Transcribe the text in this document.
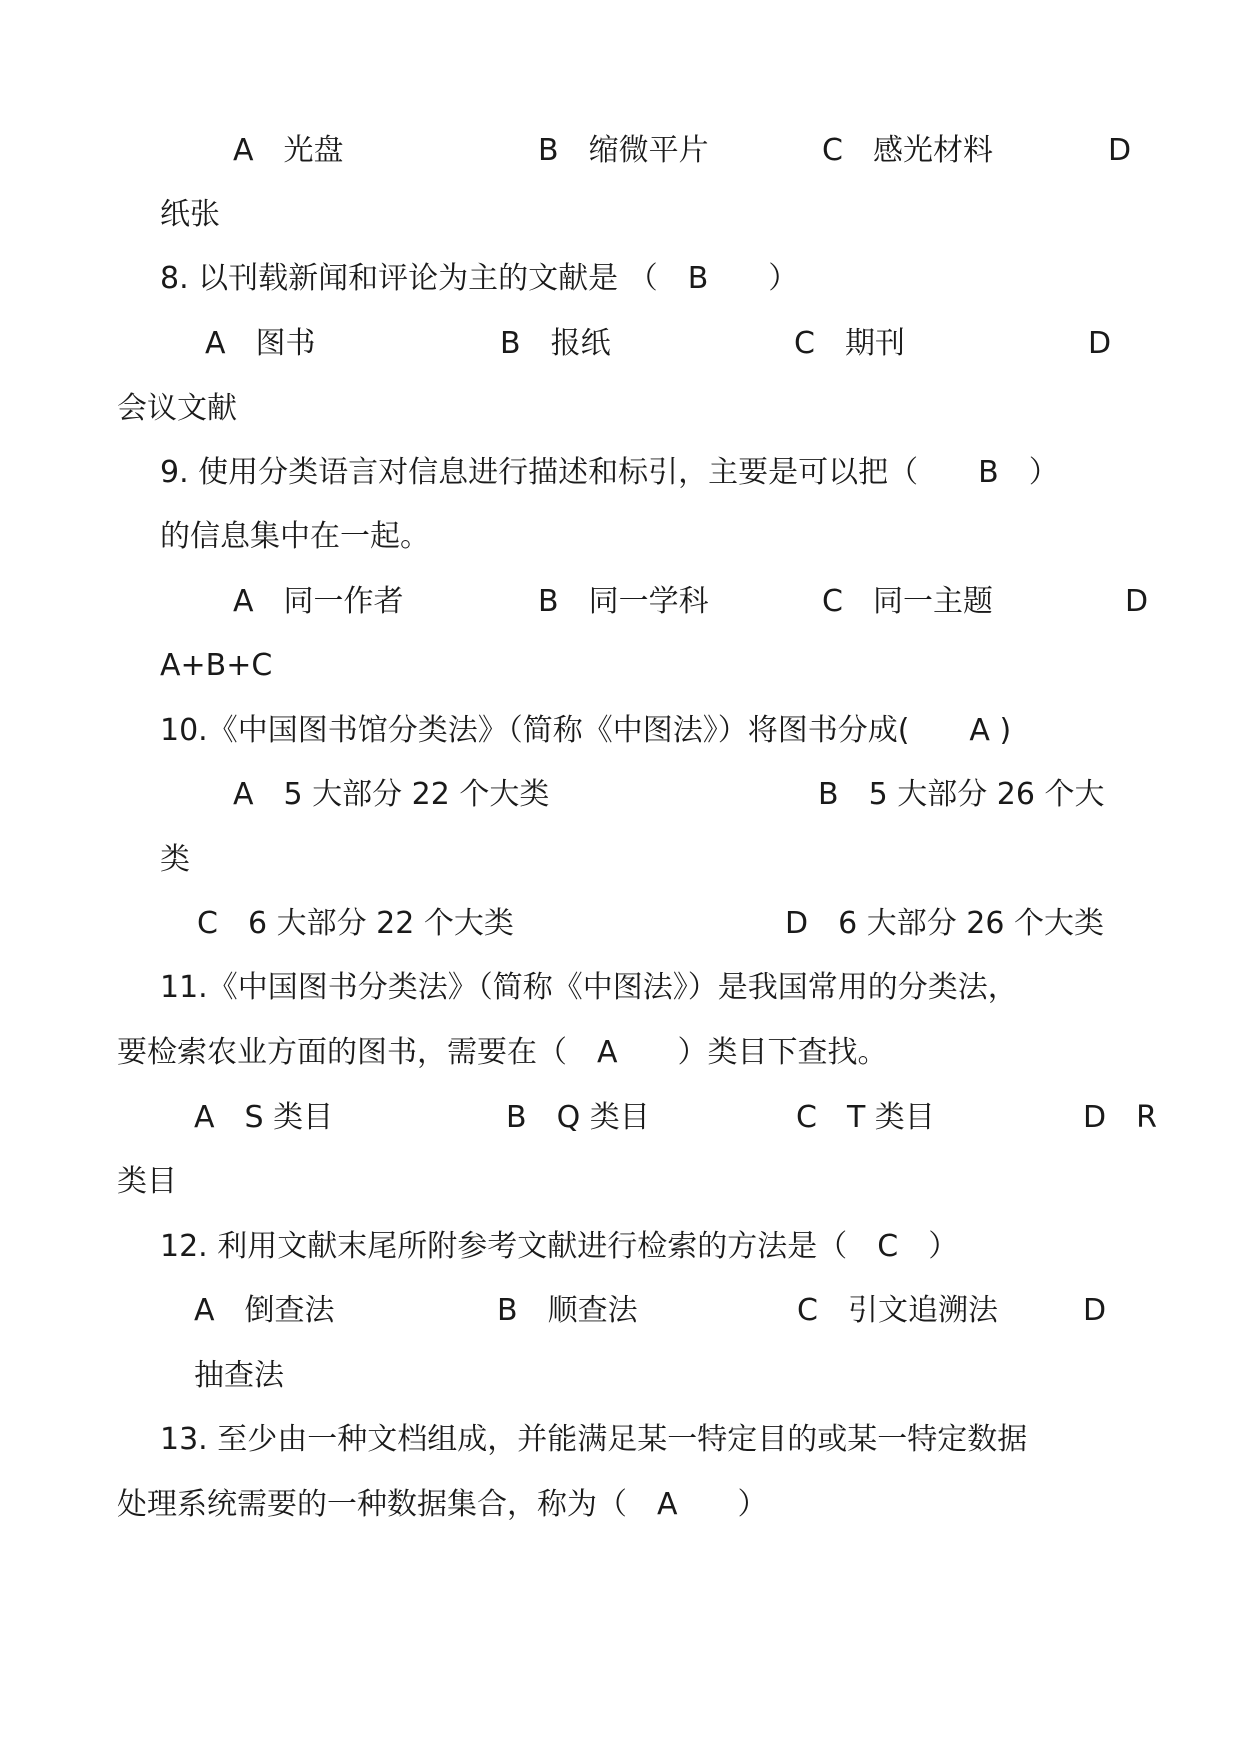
A　光盘	B　缩微平片	C　感光材料	D

纸张

8. 以刊载新闻和评论为主的文献是 （　B　　）

A　图书	B　报纸	C　期刊	D

会议文献

9. 使用分类语言对信息进行描述和标引，主要是可以把（　　B　）

的信息集中在一起。

A　同一作者	B　同一学科	C　同一主题	D

A+B+C

10.《中国图书馆分类法》（简称《中图法》）将图书分成(　　A )

A　5 大部分 22 个大类	B　5 大部分 26 个大

类

C　6 大部分 22 个大类	D　6 大部分 26 个大类

11.《中国图书分类法》（简称《中图法》）是我国常用的分类法，

要检索农业方面的图书，需要在（　A　　）类目下查找。

A　S 类目	B　Q 类目	C　T 类目	D　R

类目

12. 利用文献末尾所附参考文献进行检索的方法是（　C　）

A　倒查法	B　顺查法	C　引文追溯法	D

抽查法

13. 至少由一种文档组成，并能满足某一特定目的或某一特定数据

处理系统需要的一种数据集合，称为（　A　　）
